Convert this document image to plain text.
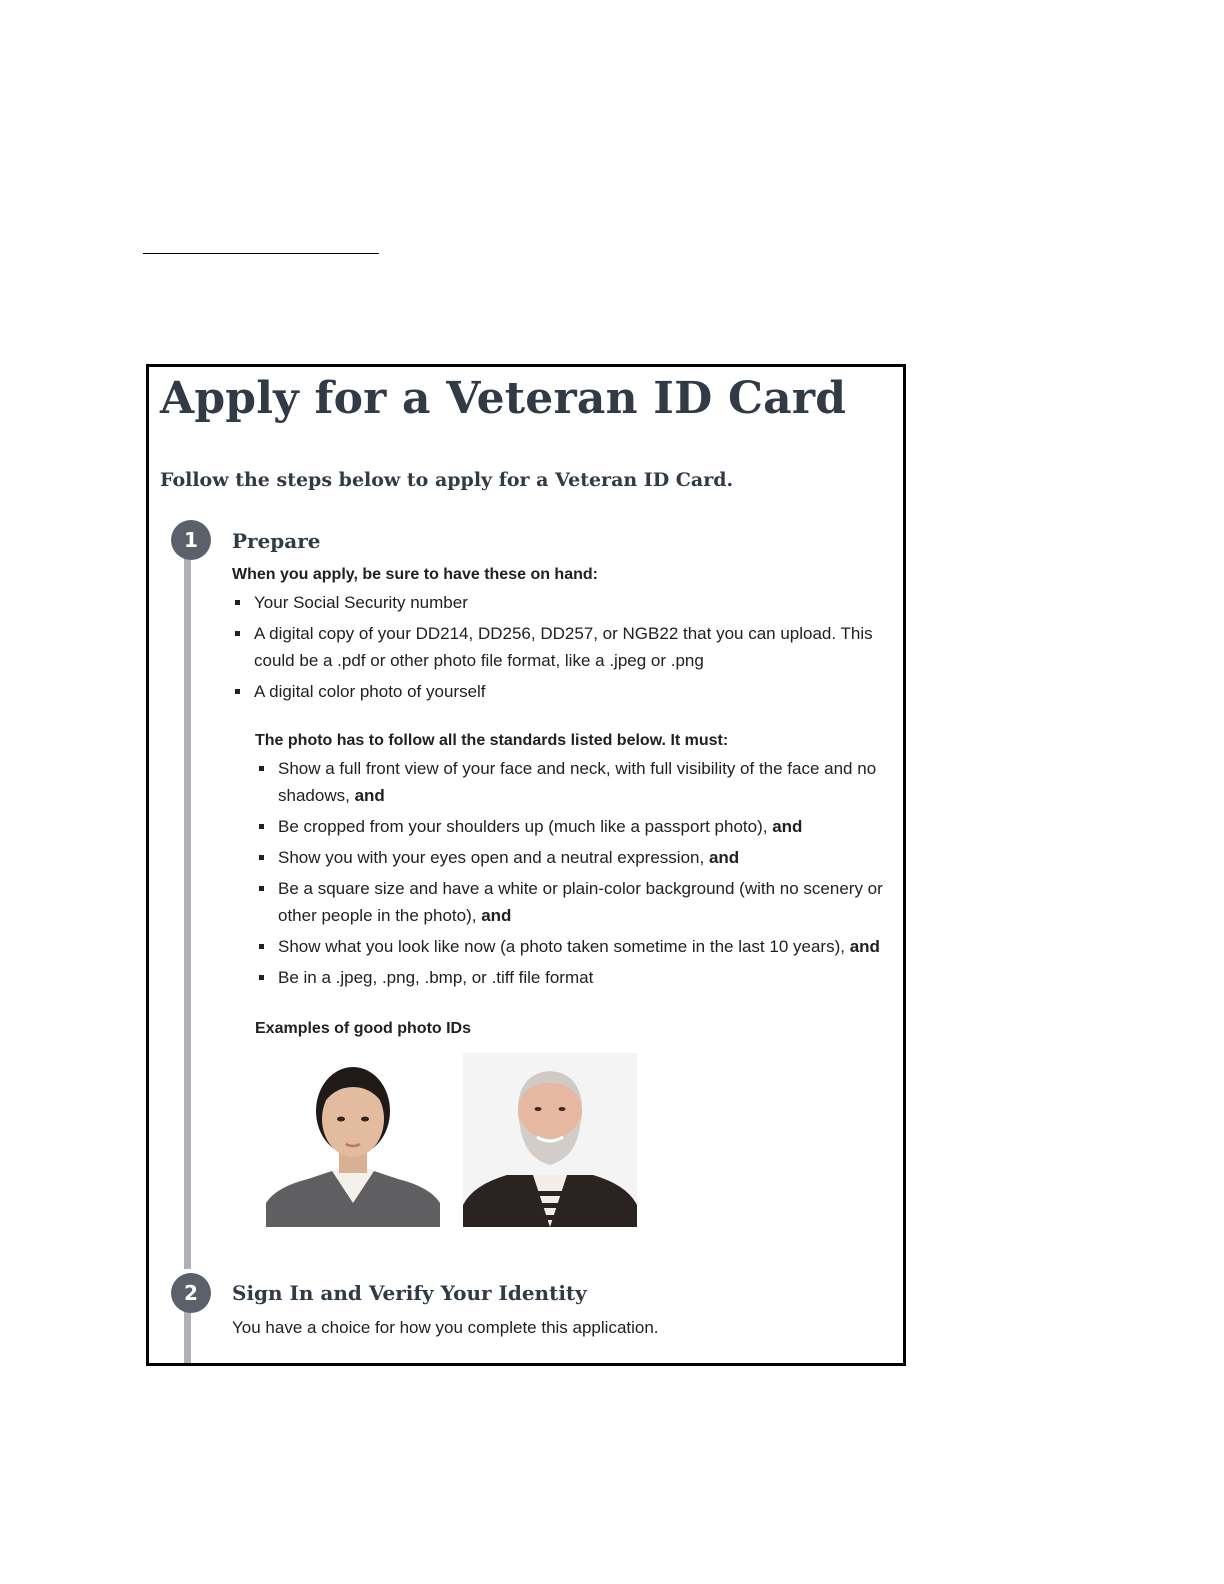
Apply for a Veteran ID Card

Follow the steps below to apply for a Veteran ID Card.

1	Prepare

When you apply, be sure to have these on hand:

Your Social Security number
A digital copy of your DD214, DD256, DD257, or NGB22 that you can upload. This could be a .pdf or other photo file format, like a .jpeg or .png
A digital color photo of yourself

The photo has to follow all the standards listed below. It must:

Show a full front view of your face and neck, with full visibility of the face and no shadows, and
Be cropped from your shoulders up (much like a passport photo), and
Show you with your eyes open and a neutral expression, and
Be a square size and have a white or plain-color background (with no scenery or other people in the photo), and
Show what you look like now (a photo taken sometime in the last 10 years), and
Be in a .jpeg, .png, .bmp, or .tiff file format

Examples of good photo IDs

2	Sign In and Verify Your Identity

You have a choice for how you complete this application.
